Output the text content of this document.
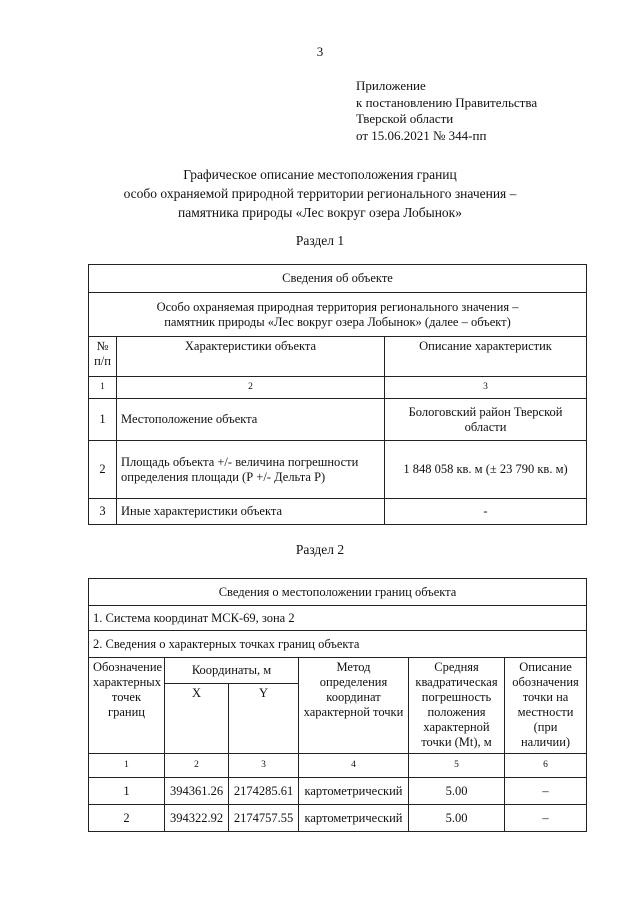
3
Приложение
к постановлению Правительства
Тверской области
от 15.06.2021 № 344-пп
Графическое описание местоположения границ
особо охраняемой природной территории регионального значения –
памятника природы «Лес вокруг озера Лобынок»
Раздел 1
Сведения об объекте		

Особо охраняемая природная территория регионального значения –
памятник природы «Лес вокруг озера Лобынок» (далее – объект)		

№ п/п	Характеристики объекта	Описание характеристик
1	2	3
1	Местоположение объекта	Бологовский район Тверской области
2	Площадь объекта +/- величина погрешности определения площади (Р +/- Дельта Р)	1 848 058 кв. м (± 23 790 кв. м)
3	Иные характеристики объекта	-
Раздел 2
Сведения о местоположении границ объекта					
1. Система координат МСК-69, зона 2					
2. Сведения о характерных точках границ объекта					
Обозначение характерных точек границ	Координаты, м		Метод определения координат характерной точки	Средняя квадратическая погрешность положения характерной точки (Mt), м	Описание обозначения точки на местности (при наличии)
	X	Y			
1	2	3	4	5	6
1	394361.26	2174285.61	картометрический	5.00	–
2	394322.92	2174757.55	картометрический	5.00	–
